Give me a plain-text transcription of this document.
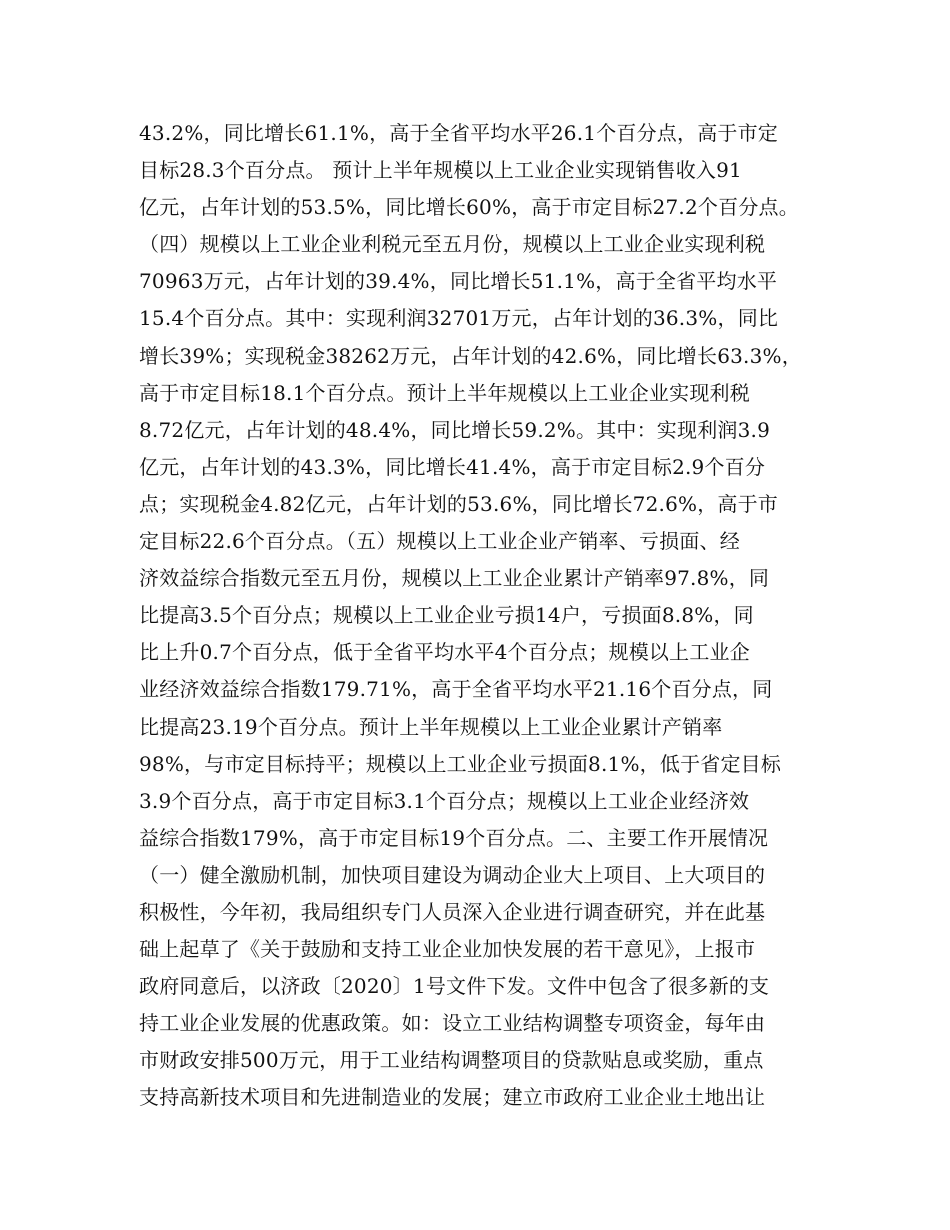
43.2%，同比增长61.1%，高于全省平均水平26.1个百分点，高于市定
目标28.3个百分点。 预计上半年规模以上工业企业实现销售收入91
亿元，占年计划的53.5%，同比增长60%，高于市定目标27.2个百分点。
（四）规模以上工业企业利税元至五月份，规模以上工业企业实现利税
70963万元，占年计划的39.4%，同比增长51.1%，高于全省平均水平
15.4个百分点。其中：实现利润32701万元，占年计划的36.3%，同比
增长39%；实现税金38262万元，占年计划的42.6%，同比增长63.3%，
高于市定目标18.1个百分点。预计上半年规模以上工业企业实现利税
8.72亿元，占年计划的48.4%，同比增长59.2%。其中：实现利润3.9
亿元，占年计划的43.3%，同比增长41.4%，高于市定目标2.9个百分
点；实现税金4.82亿元，占年计划的53.6%，同比增长72.6%，高于市
定目标22.6个百分点。（五）规模以上工业企业产销率、亏损面、经
济效益综合指数元至五月份，规模以上工业企业累计产销率97.8%，同
比提高3.5个百分点；规模以上工业企业亏损14户，亏损面8.8%，同
比上升0.7个百分点，低于全省平均水平4个百分点；规模以上工业企
业经济效益综合指数179.71%，高于全省平均水平21.16个百分点，同
比提高23.19个百分点。预计上半年规模以上工业企业累计产销率
98%，与市定目标持平；规模以上工业企业亏损面8.1%，低于省定目标
3.9个百分点，高于市定目标3.1个百分点；规模以上工业企业经济效
益综合指数179%，高于市定目标19个百分点。二、主要工作开展情况
（一）健全激励机制，加快项目建设为调动企业大上项目、上大项目的
积极性，今年初，我局组织专门人员深入企业进行调查研究，并在此基
础上起草了《关于鼓励和支持工业企业加快发展的若干意见》，上报市
政府同意后，以济政〔2020〕1号文件下发。文件中包含了很多新的支
持工业企业发展的优惠政策。如：设立工业结构调整专项资金，每年由
市财政安排500万元，用于工业结构调整项目的贷款贴息或奖励，重点
支持高新技术项目和先进制造业的发展；建立市政府工业企业土地出让
